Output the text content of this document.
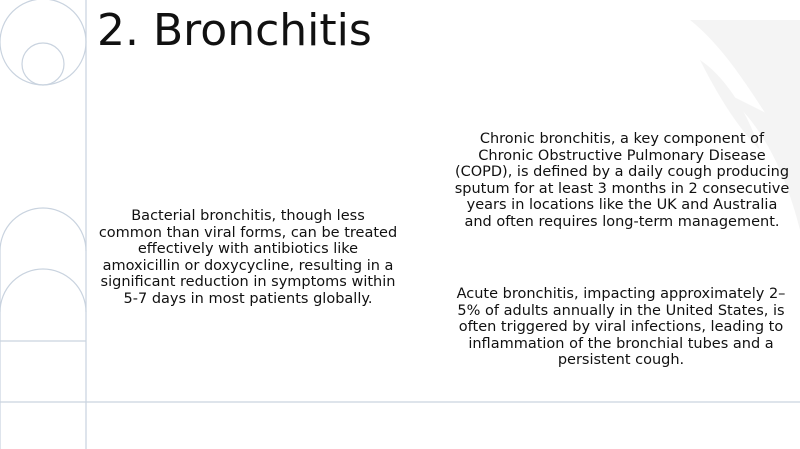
2. Bronchitis
Bacterial bronchitis, though less common than viral forms, can be treated effectively with antibiotics like amoxicillin or doxycycline, resulting in a significant reduction in symptoms within 5-7 days in most patients globally.
Chronic bronchitis, a key component of Chronic Obstructive Pulmonary Disease (COPD), is defined by a daily cough producing sputum for at least 3 months in 2 consecutive years in locations like the UK and Australia and often requires long-term management.
Acute bronchitis, impacting approximately 2–5% of adults annually in the United States, is often triggered by viral infections, leading to inflammation of the bronchial tubes and a persistent cough.
